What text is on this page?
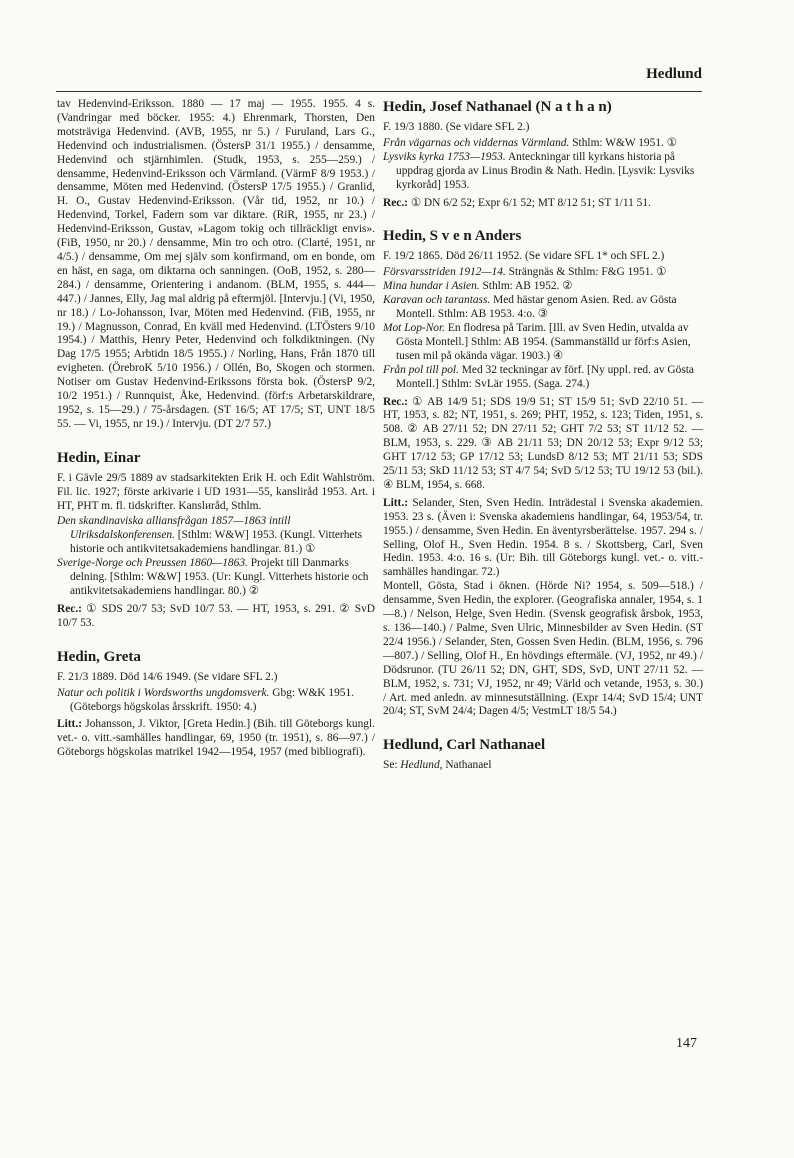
Hedlund

tav Hedenvind-Eriksson. 1880 — 17 maj — 1955. 1955. 4 s. (Vandringar med böcker. 1955: 4.) Ehrenmark, Thorsten, Den motsträviga Hedenvind. (AVB, 1955, nr 5.) / Furuland, Lars G., Hedenvind och industrialismen. (ÖstersP 31/1 1955.) / densamme, Hedenvind och stjärnhimlen. (Studk, 1953, s. 255—259.) / densamme, Hedenvind-Eriksson och Värmland. (VärmF 8/9 1953.) / densamme, Möten med Hedenvind. (ÖstersP 17/5 1955.) / Granlid, H. O., Gustav Hedenvind-Eriksson. (Vår tid, 1952, nr 10.) / Hedenvind, Torkel, Fadern som var diktare. (RiR, 1955, nr 23.) / Hedenvind-Eriksson, Gustav, »Lagom tokig och tillräckligt envis». (FiB, 1950, nr 20.) / densamme, Min tro och otro. (Clarté, 1951, nr 4/5.) / densamme, Om mej själv som konfirmand, om en bonde, om en häst, en saga, om diktarna och sanningen. (OoB, 1952, s. 280—284.) / densamme, Orientering i andanom. (BLM, 1955, s. 444—447.) / Jannes, Elly, Jag mal aldrig på eftermjöl. [Intervju.] (Vi, 1950, nr 18.) / Lo-Johansson, Ivar, Möten med Hedenvind. (FiB, 1955, nr 19.) / Magnusson, Conrad, En kväll med Hedenvind. (LTÖsters 9/10 1954.) / Matthis, Henry Peter, Hedenvind och folkdiktningen. (Ny Dag 17/5 1955; Arbtidn 18/5 1955.) / Norling, Hans, Från 1870 till evigheten. (ÖrebroK 5/10 1956.) / Ollén, Bo, Skogen och stormen. Notiser om Gustav Hedenvind-Erikssons första bok. (ÖstersP 9/2, 10/2 1951.) / Runnquist, Åke, Hedenvind. (förf:s Arbetarskildrare, 1952, s. 15—29.) / 75-årsdagen. (ST 16/5; AT 17/5; ST, UNT 18/5 55. — Vi, 1955, nr 19.) / Intervju. (DT 2/7 57.)

Hedin, Einar

F. i Gävle 29/5 1889 av stadsarkitekten Erik H. och Edit Wahlström. Fil. lic. 1927; förste arkivarie i UD 1931—55, kansliråd 1953. Art. i HT, PHT m. fl. tidskrifter. Kanslиråd, Sthlm.

Den skandinaviska alliansfrågan 1857—1863 intill Ulriksdalskonferensen. [Sthlm: W&W] 1953. (Kungl. Vitterhets historie och antikvitetsakademiens handlingar. 81.) ①

Sverige-Norge och Preussen 1860—1863. Projekt till Danmarks delning. [Sthlm: W&W] 1953. (Ur: Kungl. Vitterhets historie och antikvitetsakademiens handlingar. 80.) ②

Rec.: ① SDS 20/7 53; SvD 10/7 53. — HT, 1953, s. 291. ② SvD 10/7 53.

Hedin, Greta

F. 21/3 1889. Död 14/6 1949. (Se vidare SFL 2.)

Natur och politik i Wordsworths ungdomsverk. Gbg: W&K 1951. (Göteborgs högskolas årsskrift. 1950: 4.)

Litt.: Johansson, J. Viktor, [Greta Hedin.] (Bih. till Göteborgs kungl. vet.- o. vitt.-samhälles handlingar, 69, 1950 (tr. 1951), s. 86—97.) / Göteborgs högskolas matrikel 1942—1954, 1957 (med bibliografi).

Hedin, Josef Nathanael (N a t h a n)

F. 19/3 1880. (Se vidare SFL 2.)

Från vägarnas och viddernas Värmland. Sthlm: W&W 1951. ①

Lysviks kyrka 1753—1953. Anteckningar till kyrkans historia på uppdrag gjorda av Linus Brodin & Nath. Hedin. [Lysvik: Lysviks kyrkoråd] 1953.

Rec.: ① DN 6/2 52; Expr 6/1 52; MT 8/12 51; ST 1/11 51.

Hedin, S v e n Anders

F. 19/2 1865. Död 26/11 1952. (Se vidare SFL 1* och SFL 2.)

Försvarsstriden 1912—14. Strängnäs & Sthlm: F&G 1951. ①

Mina hundar i Asien. Sthlm: AB 1952. ②

Karavan och tarantass. Med hästar genom Asien. Red. av Gösta Montell. Sthlm: AB 1953. 4:o. ③

Mot Lop-Nor. En flodresa på Tarim. [Ill. av Sven Hedin, utvalda av Gösta Montell.] Sthlm: AB 1954. (Sammanställd ur förf:s Asien, tusen mil på okända vägar. 1903.) ④

Från pol till pol. Med 32 teckningar av förf. [Ny uppl. red. av Gösta Montell.] Sthlm: SvLär 1955. (Saga. 274.)

Rec.: ① AB 14/9 51; SDS 19/9 51; ST 15/9 51; SvD 22/10 51. — HT, 1953, s. 82; NT, 1951, s. 269; PHT, 1952, s. 123; Tiden, 1951, s. 508. ② AB 27/11 52; DN 27/11 52; GHT 7/2 53; ST 11/12 52. — BLM, 1953, s. 229. ③ AB 21/11 53; DN 20/12 53; Expr 9/12 53; GHT 17/12 53; GP 17/12 53; LundsD 8/12 53; MT 21/11 53; SDS 25/11 53; SkD 11/12 53; ST 4/7 54; SvD 5/12 53; TU 19/12 53 (bil.). ④ BLM, 1954, s. 668.

Litt.: Selander, Sten, Sven Hedin. Inträdestal i Svenska akademien. 1953. 23 s. (Även i: Svenska akademiens handlingar, 64, 1953/54, tr. 1955.) / densamme, Sven Hedin. En äventyrsberättelse. 1957. 294 s. / Selling, Olof H., Sven Hedin. 1954. 8 s. / Skottsberg, Carl, Sven Hedin. 1953. 4:o. 16 s. (Ur: Bih. till Göteborgs kungl. vet.- o. vitt.-samhälles handingar. 72.)

Montell, Gösta, Stad i öknen. (Hörde Ni? 1954, s. 509—518.) / densamme, Sven Hedin, the explorer. (Geografiska annaler, 1954, s. 1—8.) / Nelson, Helge, Sven Hedin. (Svensk geografisk årsbok, 1953, s. 136—140.) / Palme, Sven Ulric, Minnesbilder av Sven Hedin. (ST 22/4 1956.) / Selander, Sten, Gossen Sven Hedin. (BLM, 1956, s. 796—807.) / Selling, Olof H., En hövdings eftermäle. (VJ, 1952, nr 49.) / Dödsrunor. (TU 26/11 52; DN, GHT, SDS, SvD, UNT 27/11 52. — BLM, 1952, s. 731; VJ, 1952, nr 49; Värld och vetande, 1953, s. 30.) / Art. med anledn. av minnesutställning. (Expr 14/4; SvD 15/4; UNT 20/4; ST, SvM 24/4; Dagen 4/5; VestmLT 18/5 54.)

Hedlund, Carl Nathanael

Se: Hedlund, Nathanael

147
